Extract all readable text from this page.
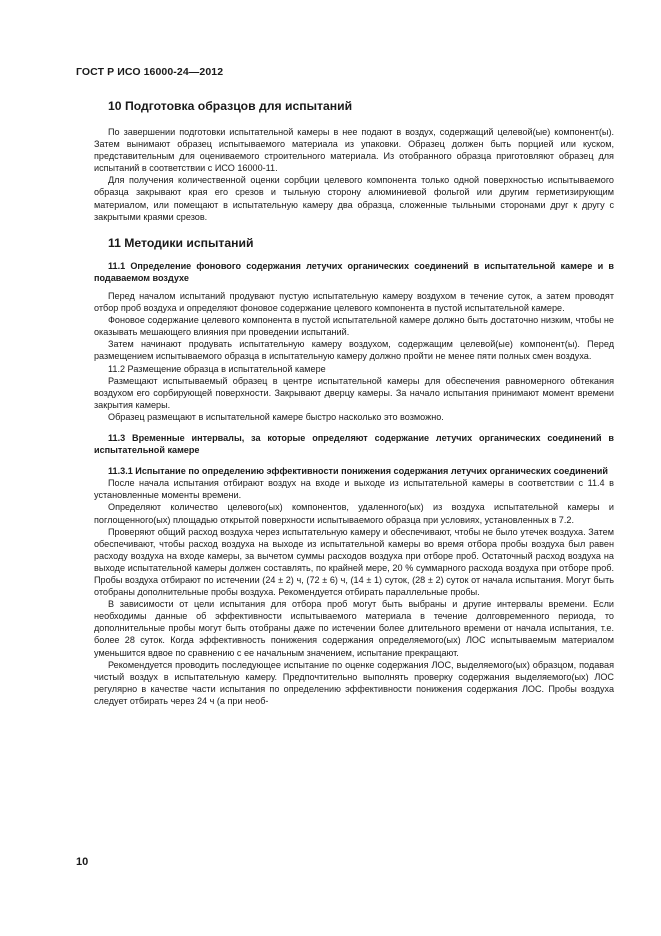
ГОСТ Р ИСО 16000-24—2012
10 Подготовка образцов для испытаний

По завершении подготовки испытательной камеры в нее подают в воздух, содержащий целевой(ые) компонент(ы). Затем вынимают образец испытываемого материала из упаковки. Образец должен быть порцией или куском, представительным для оцениваемого строительного материала. Из отобранного образца приготовляют образец для испытаний в соответствии с ИСО 16000-11.

Для получения количественной оценки сорбции целевого компонента только одной поверхностью испытываемого образца закрывают края его срезов и тыльную сторону алюминиевой фольгой или другим герметизирующим материалом, или помещают в испытательную камеру два образца, сложенные тыльными сторонами друг к другу с закрытыми краями срезов.

11 Методики испытаний

11.1 Определение фонового содержания летучих органических соединений в испытательной камере и в подаваемом воздухе

Перед началом испытаний продувают пустую испытательную камеру воздухом в течение суток, а затем проводят отбор проб воздуха и определяют фоновое содержание целевого компонента в пустой испытательной камере.

Фоновое содержание целевого компонента в пустой испытательной камере должно быть достаточно низким, чтобы не оказывать мешающего влияния при проведении испытаний.

Затем начинают продувать испытательную камеру воздухом, содержащим целевой(ые) компонент(ы). Перед размещением испытываемого образца в испытательную камеру должно пройти не менее пяти полных смен воздуха.

11.2 Размещение образца в испытательной камере

Размещают испытываемый образец в центре испытательной камеры для обеспечения равномерного обтекания воздухом его сорбирующей поверхности. Закрывают дверцу камеры. За начало испытания принимают момент времени закрытия камеры.

Образец размещают в испытательной камере быстро насколько это возможно.

11.3 Временные интервалы, за которые определяют содержание летучих органических соединений в испытательной камере

11.3.1 Испытание по определению эффективности понижения содержания летучих органических соединений

После начала испытания отбирают воздух на входе и выходе из испытательной камеры в соответствии с 11.4 в установленные моменты времени.

Определяют количество целевого(ых) компонентов, удаленного(ых) из воздуха испытательной камеры и поглощенного(ых) площадью открытой поверхности испытываемого образца при условиях, установленных в 7.2.

Проверяют общий расход воздуха через испытательную камеру и обеспечивают, чтобы не было утечек воздуха. Затем обеспечивают, чтобы расход воздуха на выходе из испытательной камеры во время отбора пробы воздуха был равен расходу воздуха на входе камеры, за вычетом суммы расходов воздуха при отборе проб. Остаточный расход воздуха на выходе испытательной камеры должен составлять, по крайней мере, 20 % суммарного расхода воздуха при отборе проб. Пробы воздуха отбирают по истечении (24 ± 2) ч, (72 ± 6) ч, (14 ± 1) суток, (28 ± 2) суток от начала испытания. Могут быть отобраны дополнительные пробы воздуха. Рекомендуется отбирать параллельные пробы.

В зависимости от цели испытания для отбора проб могут быть выбраны и другие интервалы времени. Если необходимы данные об эффективности испытываемого материала в течение долговременного периода, то дополнительные пробы могут быть отобраны даже по истечении более длительного времени от начала испытания, т.е. более 28 суток. Когда эффективность понижения содержания определяемого(ых) ЛОС испытываемым материалом уменьшится вдвое по сравнению с ее начальным значением, испытание прекращают.

Рекомендуется проводить последующее испытание по оценке содержания ЛОС, выделяемого(ых) образцом, подавая чистый воздух в испытательную камеру. Предпочтительно выполнять проверку содержания выделяемого(ых) ЛОС регулярно в качестве части испытания по определению эффективности понижения содержания ЛОС. Пробы воздуха следует отбирать через 24 ч (а при необ-

10
